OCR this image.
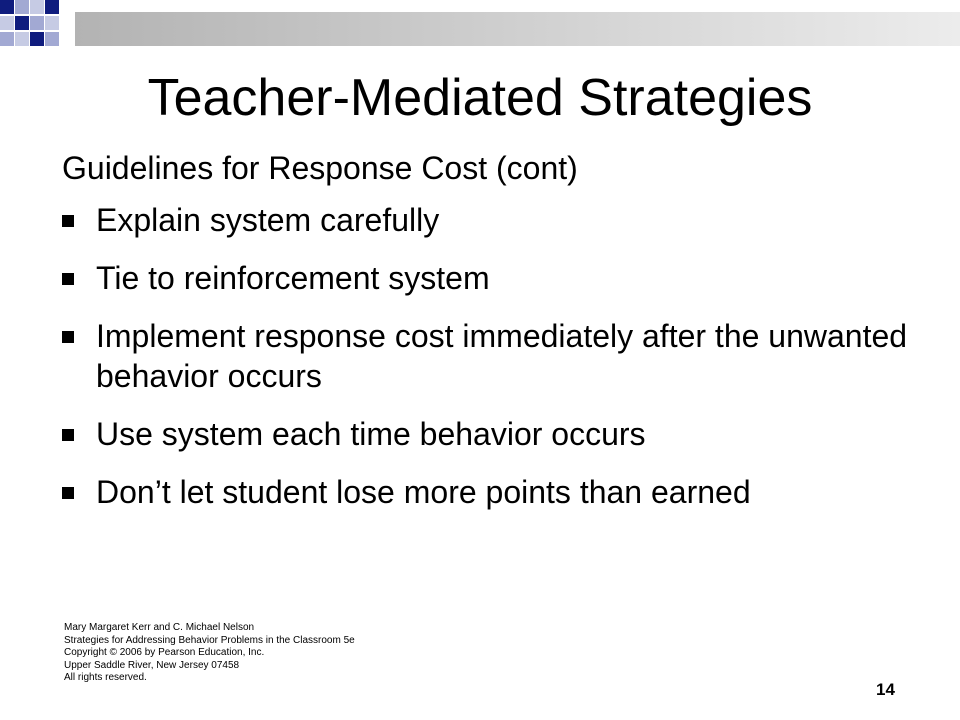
Teacher-Mediated Strategies
Guidelines for Response Cost (cont)
Explain system carefully
Tie to reinforcement system
Implement response cost immediately after the unwanted behavior occurs
Use system each time behavior occurs
Don’t let student lose more points than earned
Mary Margaret Kerr and C. Michael Nelson
Strategies for Addressing Behavior Problems in the Classroom 5e
Copyright © 2006 by Pearson Education, Inc.
Upper Saddle River, New Jersey 07458
All rights reserved.
14
